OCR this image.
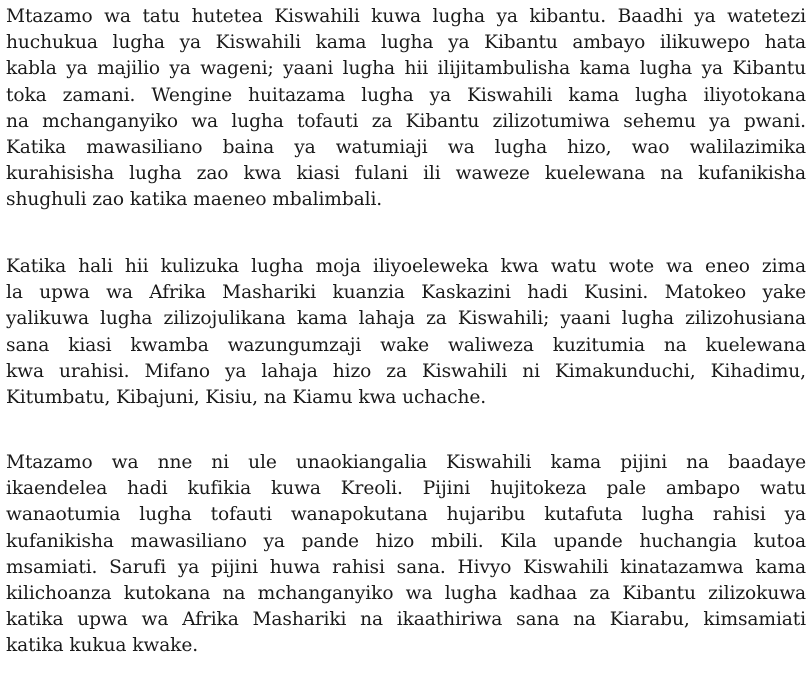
Mtazamo wa tatu hutetea Kiswahili kuwa lugha ya kibantu. Baadhi ya watetezi
huchukua lugha ya Kiswahili kama lugha ya Kibantu ambayo ilikuwepo hata
kabla ya majilio ya wageni; yaani lugha hii ilijitambulisha kama lugha ya Kibantu
toka zamani. Wengine huitazama lugha ya Kiswahili kama lugha iliyotokana
na mchanganyiko wa lugha tofauti za Kibantu zilizotumiwa sehemu ya pwani.
Katika mawasiliano baina ya watumiaji wa lugha hizo, wao walilazimika
kurahisisha lugha zao kwa kiasi fulani ili waweze kuelewana na kufanikisha
shughuli zao katika maeneo mbalimbali.
Katika hali hii kulizuka lugha moja iliyoeleweka kwa watu wote wa eneo zima
la upwa wa Afrika Mashariki kuanzia Kaskazini hadi Kusini. Matokeo yake
yalikuwa lugha zilizojulikana kama lahaja za Kiswahili; yaani lugha zilizohusiana
sana kiasi kwamba wazungumzaji wake waliweza kuzitumia na kuelewana
kwa urahisi. Mifano ya lahaja hizo za Kiswahili ni Kimakunduchi, Kihadimu,
Kitumbatu, Kibajuni, Kisiu, na Kiamu kwa uchache.
Mtazamo wa nne ni ule unaokiangalia Kiswahili kama pijini na baadaye
ikaendelea hadi kufikia kuwa Kreoli. Pijini hujitokeza pale ambapo watu
wanaotumia lugha tofauti wanapokutana hujaribu kutafuta lugha rahisi ya
kufanikisha mawasiliano ya pande hizo mbili. Kila upande huchangia kutoa
msamiati. Sarufi ya pijini huwa rahisi sana. Hivyo Kiswahili kinatazamwa kama
kilichoanza kutokana na mchanganyiko wa lugha kadhaa za Kibantu zilizokuwa
katika upwa wa Afrika Mashariki na ikaathiriwa sana na Kiarabu, kimsamiati
katika kukua kwake.
